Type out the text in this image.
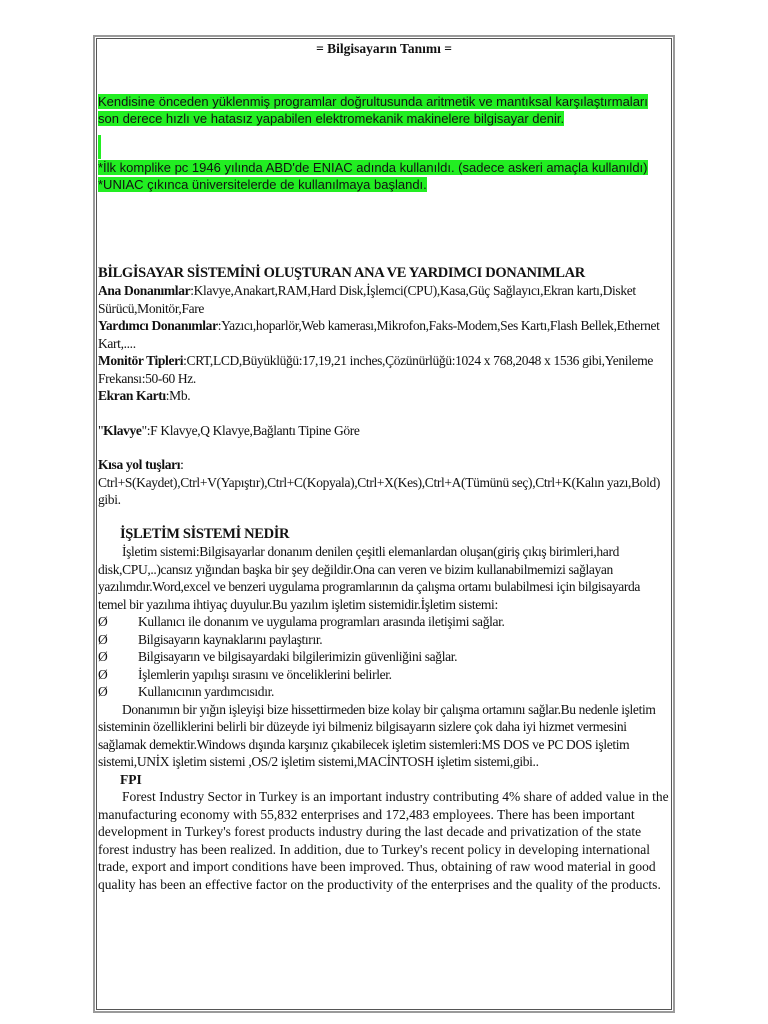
= Bilgisayarın Tanımı =
Kendisine önceden yüklenmiş programlar doğrultusunda aritmetik ve mantıksal karşılaştırmaları son derece hızlı ve hatasız yapabilen elektromekanik makinelere bilgisayar denir.
*İlk komplike pc 1946 yılında ABD'de ENIAC adında kullanıldı. (sadece askeri amaçla kullanıldı)
*UNIAC çıkınca üniversitelerde de kullanılmaya başlandı.
BİLGİSAYAR SİSTEMİNİ OLUŞTURAN ANA VE YARDIMCI DONANIMLAR
Ana Donanımlar:Klavye,Anakart,RAM,Hard Disk,İşlemci(CPU),Kasa,Güç Sağlayıcı,Ekran kartı,Disket Sürücü,Monitör,Fare
Yardımcı Donanımlar:Yazıcı,hoparlör,Web kamerası,Mikrofon,Faks-Modem,Ses Kartı,Flash Bellek,Ethernet Kart,....
Monitör Tipleri:CRT,LCD,Büyüklüğü:17,19,21 inches,Çözünürlüğü:1024 x 768,2048 x 1536 gibi,Yenileme Frekansı:50-60 Hz.
Ekran Kartı:Mb.
"Klavye":F Klavye,Q Klavye,Bağlantı Tipine Göre
Kısa yol tuşları:
Ctrl+S(Kaydet),Ctrl+V(Yapıştır),Ctrl+C(Kopyala),Ctrl+X(Kes),Ctrl+A(Tümünü seç),Ctrl+K(Kalın yazı,Bold) gibi.
İŞLETİM SİSTEMİ NEDİR
İşletim sistemi:Bilgisayarlar donanım denilen çeşitli elemanlardan oluşan(giriş çıkış birimleri,hard disk,CPU,..)cansız yığından başka bir şey değildir.Ona can veren ve bizim kullanabilmemizi sağlayan yazılımdır.Word,excel ve benzeri uygulama programlarının da çalışma ortamı bulabilmesi için bilgisayarda temel bir yazılıma ihtiyaç duyulur.Bu yazılım işletim sistemidir.İşletim sistemi:
Ø	Kullanıcı ile donanım ve uygulama programları arasında iletişimi sağlar.
Ø	Bilgisayarın kaynaklarını paylaştırır.
Ø	Bilgisayarın ve bilgisayardaki bilgilerimizin güvenliğini sağlar.
Ø	İşlemlerin yapılışı sırasını ve önceliklerini belirler.
Ø	Kullanıcının yardımcısıdır.
Donanımın bir yığın işleyişi bize hissettirmeden bize kolay bir çalışma ortamını sağlar.Bu nedenle işletim sisteminin özelliklerini belirli bir düzeyde iyi bilmeniz bilgisayarın sizlere çok daha iyi hizmet vermesini sağlamak demektir.Windows dışında karşınız çıkabilecek işletim sistemleri:MS DOS ve PC DOS işletim sistemi,UNİX işletim sistemi ,OS/2 işletim sistemi,MACİNTOSH işletim sistemi,gibi..
FPI
Forest Industry Sector in Turkey is an important industry contributing 4% share of added value in the manufacturing economy with 55,832 enterprises and 172,483 employees. There has been important development in Turkey's forest products industry during the last decade and privatization of the state forest industry has been realized. In addition, due to Turkey's recent policy in developing international trade, export and import conditions have been improved. Thus, obtaining of raw wood material in good quality has been an effective factor on the productivity of the enterprises and the quality of the products.
